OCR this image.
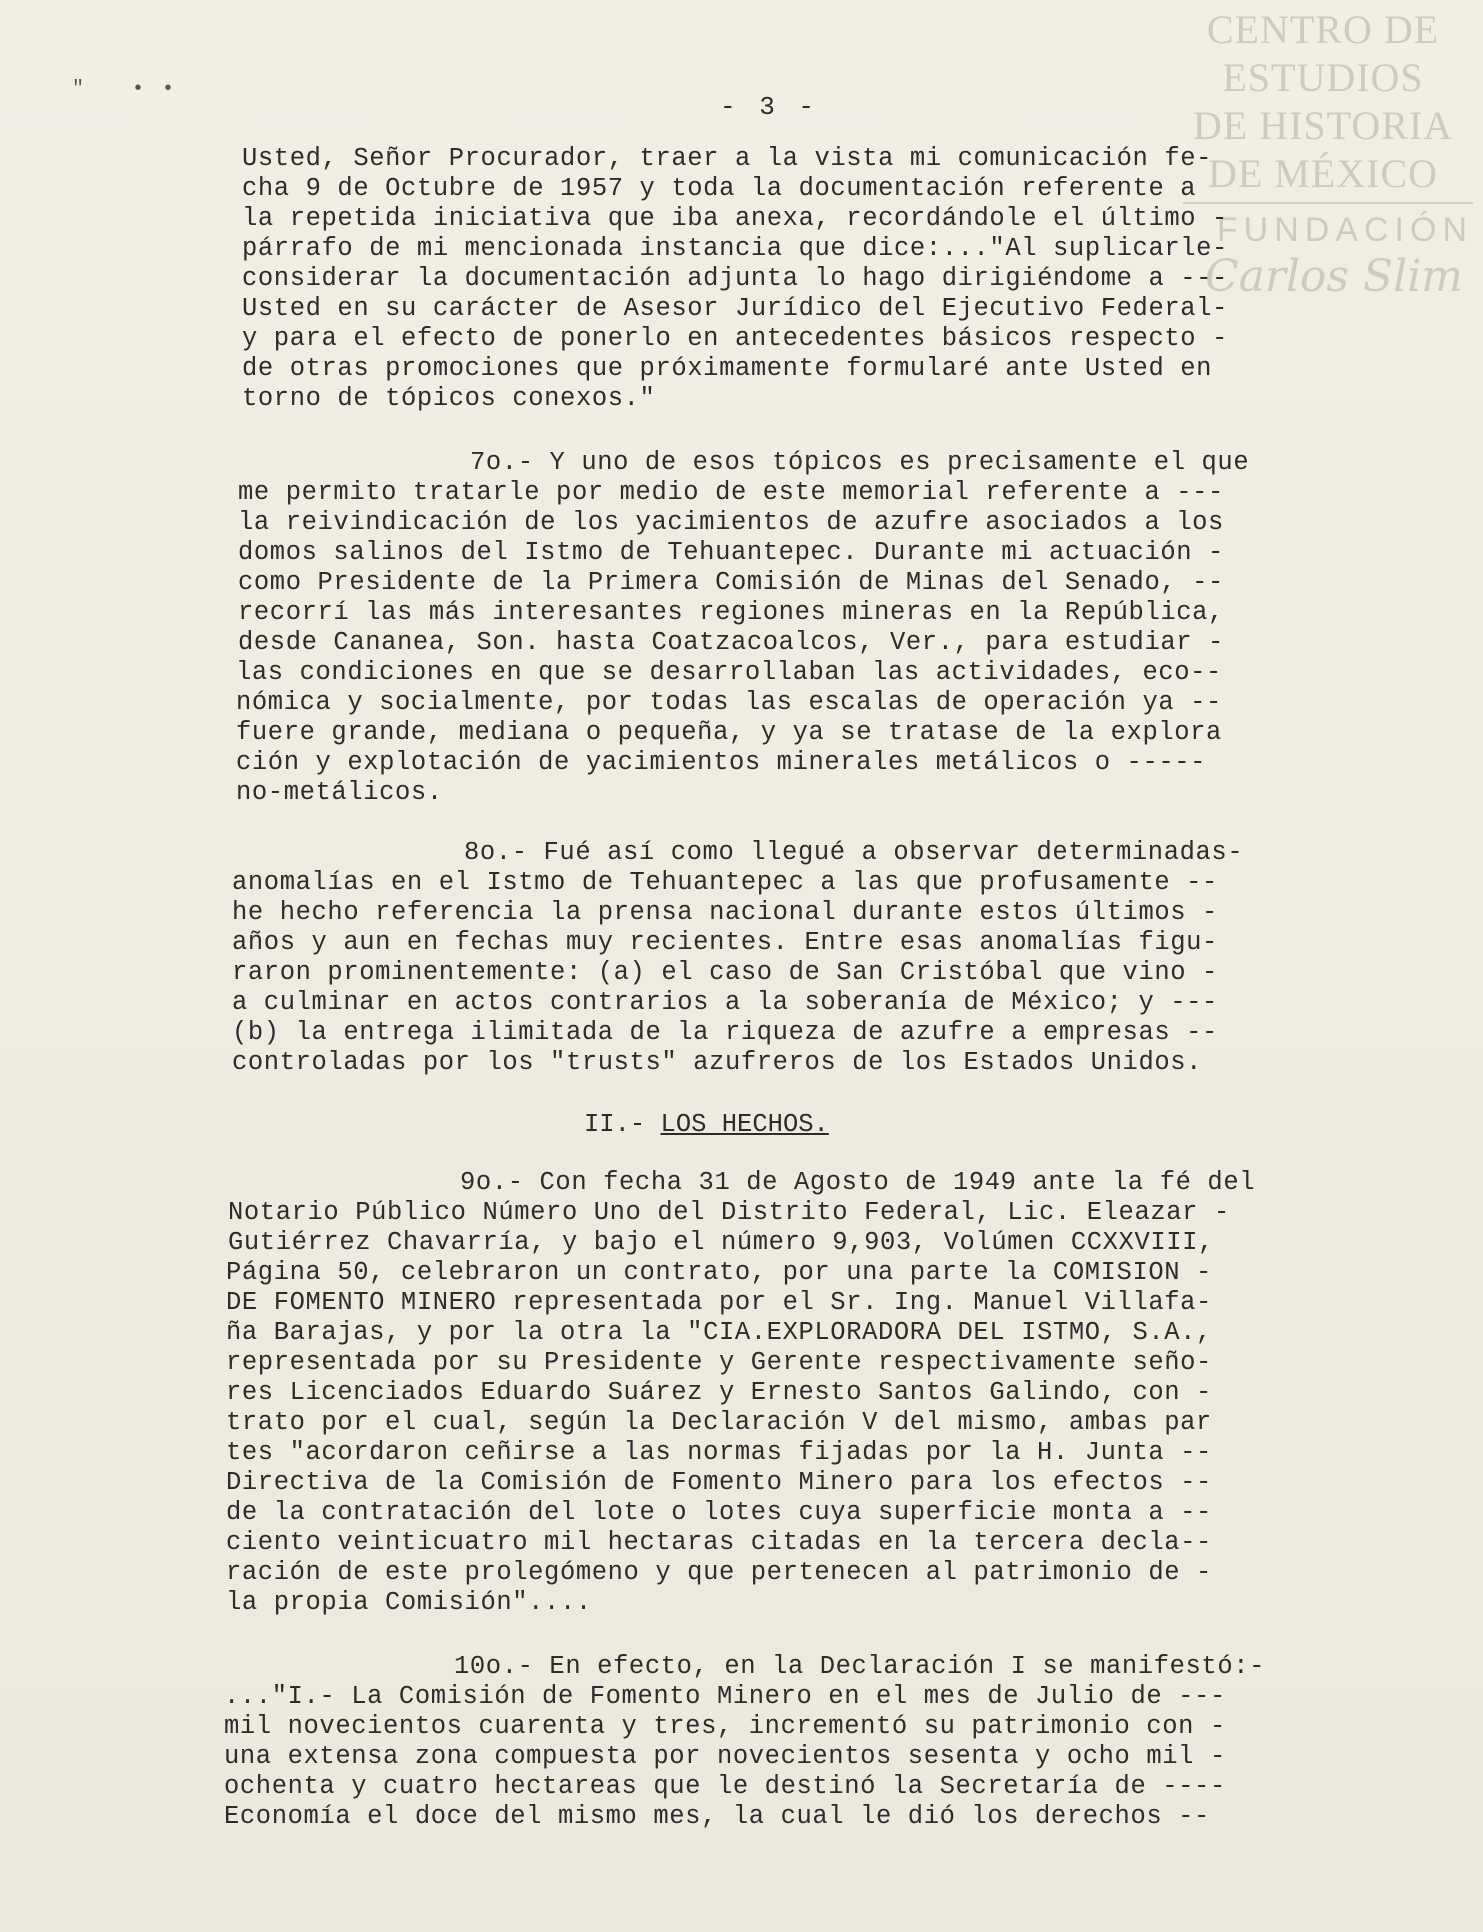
CENTRO DE
ESTUDIOS
DE HISTORIA
DE MÉXICO
FUNDACIÓN
Carlos Slim
" ••
- 3 -
Usted, Señor Procurador, traer a la vista mi comunicación fe-
cha 9 de Octubre de 1957 y toda la documentación referente a
la repetida iniciativa que iba anexa, recordándole el último -
párrafo de mi mencionada instancia que dice:..."Al suplicarle-
considerar la documentación adjunta lo hago dirigiéndome a ---
Usted en su carácter de Asesor Jurídico del Ejecutivo Federal-
y para el efecto de ponerlo en antecedentes básicos respecto -
de otras promociones que próximamente formularé ante Usted en
torno de tópicos conexos."
7o.- Y uno de esos tópicos es precisamente el que
me permito tratarle por medio de este memorial referente a ---
la reivindicación de los yacimientos de azufre asociados a los
domos salinos del Istmo de Tehuantepec. Durante mi actuación -
como Presidente de la Primera Comisión de Minas del Senado, --
recorrí las más interesantes regiones mineras en la República,
desde Cananea, Son. hasta Coatzacoalcos, Ver., para estudiar -
las condiciones en que se desarrollaban las actividades, eco--
nómica y socialmente, por todas las escalas de operación ya --
fuere grande, mediana o pequeña, y ya se tratase de la explora
ción y explotación de yacimientos minerales metálicos o -----
no-metálicos.
8o.- Fué así como llegué a observar determinadas-
anomalías en el Istmo de Tehuantepec a las que profusamente --
he hecho referencia la prensa nacional durante estos últimos -
años y aun en fechas muy recientes. Entre esas anomalías figu-
raron prominentemente: (a) el caso de San Cristóbal que vino -
a culminar en actos contrarios a la soberanía de México; y ---
(b) la entrega ilimitada de la riqueza de azufre a empresas --
controladas por los "trusts" azufreros de los Estados Unidos.
9o.- Con fecha 31 de Agosto de 1949 ante la fé del
Notario Público Número Uno del Distrito Federal, Lic. Eleazar -
Gutiérrez Chavarría, y bajo el número 9,903, Volúmen CCXXVIII,
Página 50, celebraron un contrato, por una parte la COMISION -
DE FOMENTO MINERO representada por el Sr. Ing. Manuel Villafa-
ña Barajas, y por la otra la "CIA.EXPLORADORA DEL ISTMO, S.A.,
representada por su Presidente y Gerente respectivamente seño-
res Licenciados Eduardo Suárez y Ernesto Santos Galindo, con -
trato por el cual, según la Declaración V del mismo, ambas par
tes "acordaron ceñirse a las normas fijadas por la H. Junta --
Directiva de la Comisión de Fomento Minero para los efectos --
de la contratación del lote o lotes cuya superficie monta a --
ciento veinticuatro mil hectaras citadas en la tercera decla--
ración de este prolegómeno y que pertenecen al patrimonio de -
la propia Comisión"....
10o.- En efecto, en la Declaración I se manifestó:-
..."I.- La Comisión de Fomento Minero en el mes de Julio de ---
mil novecientos cuarenta y tres, incrementó su patrimonio con -
una extensa zona compuesta por novecientos sesenta y ocho mil -
ochenta y cuatro hectareas que le destinó la Secretaría de ----
Economía el doce del mismo mes, la cual le dió los derechos --
II.- LOS HECHOS.
